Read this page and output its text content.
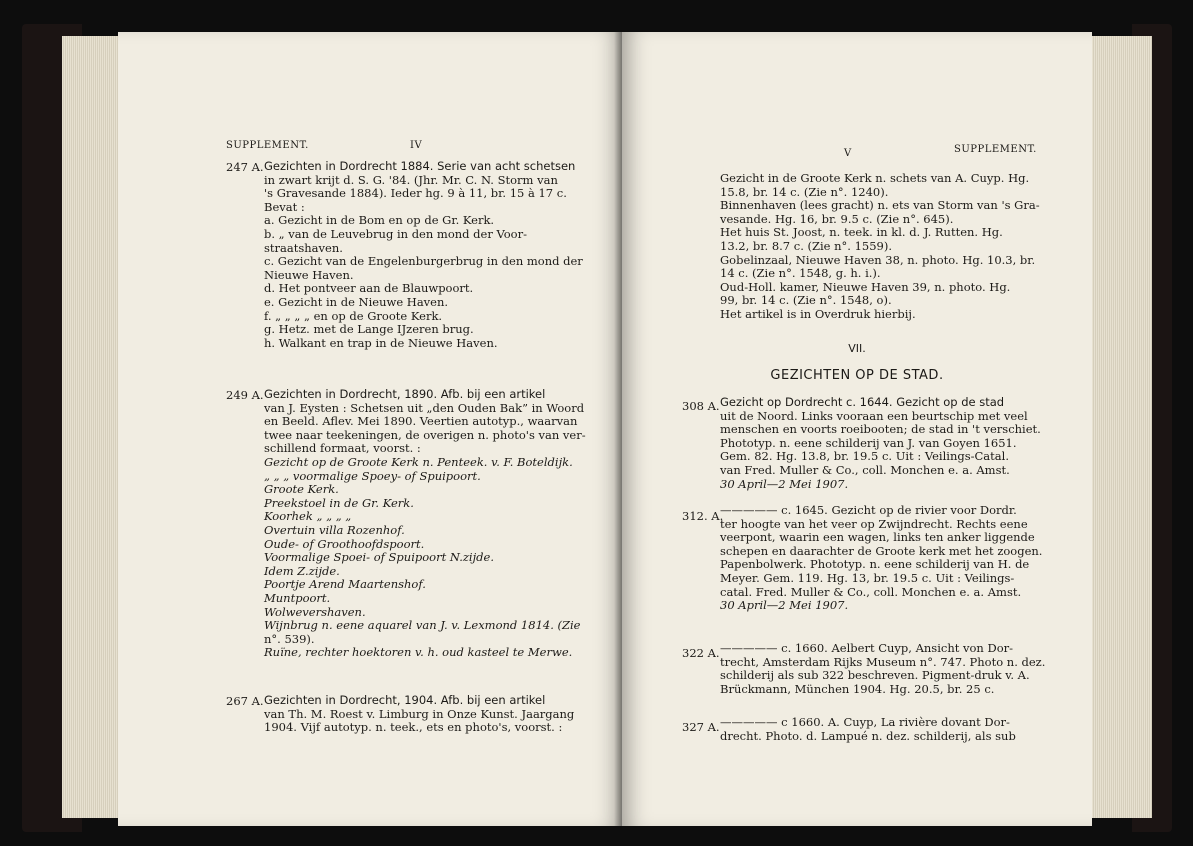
SUPPLEMENT.	IV
247 A. Gezichten in Dordrecht 1884. Serie van acht schetsen
in zwart krijt d. S. G. '84. (Jhr. Mr. C. N. Storm van
's Gravesande 1884). Ieder hg. 9 à 11, br. 15 à 17 c.
Bevat :
a. Gezicht in de Bom en op de Gr. Kerk.
b. „ van de Leuvebrug in den mond der Voor-
straatshaven.
c. Gezicht van de Engelenburgerbrug in den mond der
Nieuwe Haven.
d. Het pontveer aan de Blauwpoort.
e. Gezicht in de Nieuwe Haven.
f. „ „ „ „ en op de Groote Kerk.
g. Hetz. met de Lange IJzeren brug.
h. Walkant en trap in de Nieuwe Haven.
249 A. Gezichten in Dordrecht, 1890. Afb. bij een artikel
van J. Eysten : Schetsen uit „den Ouden Bak” in Woord
en Beeld. Aflev. Mei 1890. Veertien autotyp., waarvan
twee naar teekeningen, de overigen n. photo's van ver-
schillend formaat, voorst. :
Gezicht op de Groote Kerk n. Penteek. v. F. Boteldijk.
„ „ „ voormalige Spoey- of Spuipoort.
Groote Kerk.
Preekstoel in de Gr. Kerk.
Koorhek „ „ „ „
Overtuin villa Rozenhof.
Oude- of Groothoofdspoort.
Voormalige Spoei- of Spuipoort N.zijde.
Idem Z.zijde.
Poortje Arend Maartenshof.
Muntpoort.
Wolwevershaven.
Wijnbrug n. eene aquarel van J. v. Lexmond 1814. (Zie
n°. 539).
Ruïne, rechter hoektoren v. h. oud kasteel te Merwe.
267 A. Gezichten in Dordrecht, 1904. Afb. bij een artikel
van Th. M. Roest v. Limburg in Onze Kunst. Jaargang
1904. Vijf autotyp. n. teek., ets en photo's, voorst. :
V	SUPPLEMENT.
Gezicht in de Groote Kerk n. schets van A. Cuyp. Hg.
15.8, br. 14 c. (Zie n°. 1240).
Binnenhaven (lees gracht) n. ets van Storm van 's Gra-
vesande. Hg. 16, br. 9.5 c. (Zie n°. 645).
Het huis St. Joost, n. teek. in kl. d. J. Rutten. Hg.
13.2, br. 8.7 c. (Zie n°. 1559).
Gobelinzaal, Nieuwe Haven 38, n. photo. Hg. 10.3, br.
14 c. (Zie n°. 1548, g. h. i.).
Oud-Holl. kamer, Nieuwe Haven 39, n. photo. Hg.
99, br. 14 c. (Zie n°. 1548, o).
Het artikel is in Overdruk hierbij.
VII.
GEZICHTEN OP DE STAD.
308 A. Gezicht op Dordrecht c. 1644. Gezicht op de stad
uit de Noord. Links vooraan een beurtschip met veel
menschen en voorts roeibooten; de stad in 't verschiet.
Phototyp. n. eene schilderij van J. van Goyen 1651.
Gem. 82. Hg. 13.8, br. 19.5 c. Uit : Veilings-Catal.
van Fred. Muller & Co., coll. Monchen e. a. Amst.
30 April—2 Mei 1907.
312. A.
————— c. 1645. Gezicht op de rivier voor Dordr.
ter hoogte van het veer op Zwijndrecht. Rechts eene
veerpont, waarin een wagen, links ten anker liggende
schepen en daarachter de Groote kerk met het zoogen.
Papenbolwerk. Phototyp. n. eene schilderij van H. de
Meyer. Gem. 119. Hg. 13, br. 19.5 c. Uit : Veilings-
catal. Fred. Muller & Co., coll. Monchen e. a. Amst.
30 April—2 Mei 1907.
322 A. ————— c. 1660. Aelbert Cuyp, Ansicht von Dor-
trecht, Amsterdam Rijks Museum n°. 747. Photo n. dez.
schilderij als sub 322 beschreven. Pigment-druk v. A.
Brückmann, München 1904. Hg. 20.5, br. 25 c.
327 A. ————— c 1660. A. Cuyp, La rivière dovant Dor-
drecht. Photo. d. Lampué n. dez. schilderij, als sub
